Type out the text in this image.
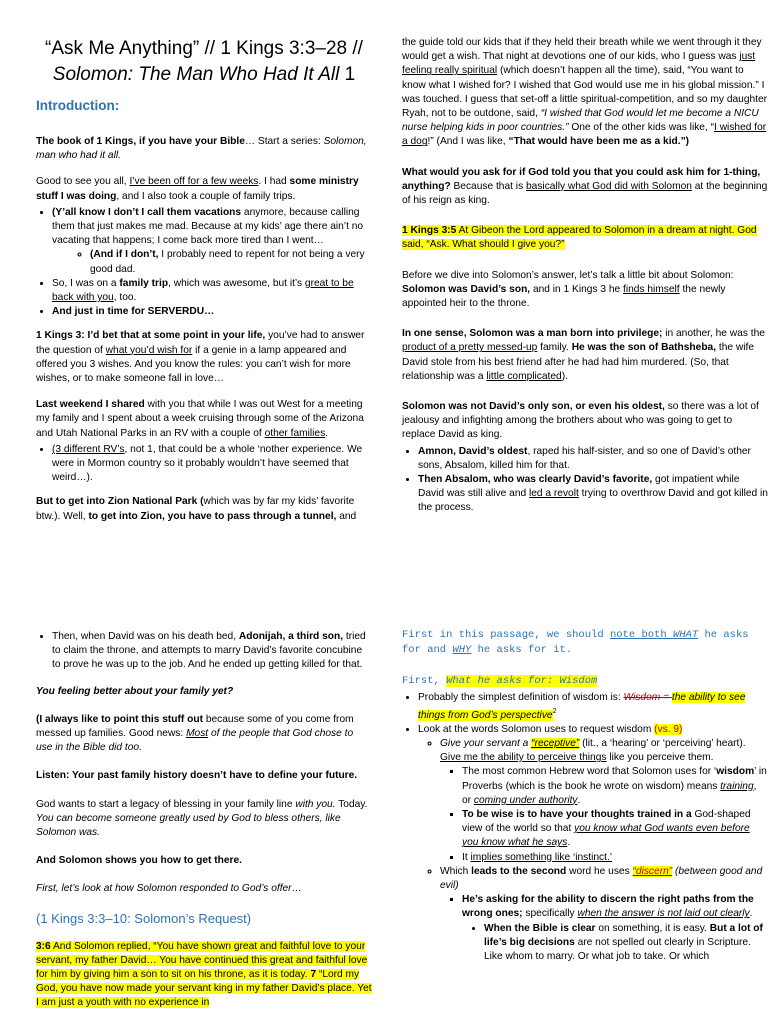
“Ask Me Anything” // 1 Kings 3:3–28 //
Solomon: The Man Who Had It All 1
Introduction:

The book of 1 Kings, if you have your Bible… Start a series: Solomon, man who had it all.

Good to see you all, I’ve been off for a few weeks. I had some ministry stuff I was doing, and I also took a couple of family trips.

• (Y’all know I don’t I call them vacations anymore, because calling them that just makes me mad. Because at my kids’ age there ain’t no vacating that happens; I come back more tired than I went…
◦ (And if I don’t, I probably need to repent for not being a very good dad.
• So, I was on a family trip, which was awesome, but it’s great to be back with you, too.
• And just in time for SERVERDU…

1 Kings 3: I’d bet that at some point in your life, you’ve had to answer the question of what you’d wish for if a genie in a lamp appeared and offered you 3 wishes. And you know the rules: you can’t wish for more wishes, or to make someone fall in love…

Last weekend I shared with you that while I was out West for a meeting my family and I spent about a week cruising through some of the Arizona and Utah National Parks in an RV with a couple of other families.

• (3 different RV’s, not 1, that could be a whole ‘nother experience. We were in Mormon country so it probably wouldn’t have seemed that weird…).

But to get into Zion National Park (which was by far my kids’ favorite btw.). Well, to get into Zion, you have to pass through a tunnel, and

the guide told our kids that if they held their breath while we went through it they would get a wish. That night at devotions one of our kids, who I guess was just feeling really spiritual (which doesn’t happen all the time), said, “You want to know what I wished for? I wished that God would use me in his global mission.” I was touched. I guess that set-off a little spiritual-competition, and so my daughter Ryah, not to be outdone, said, “I wished that God would let me become a NICU nurse helping kids in poor countries.” One of the other kids was like, “I wished for a dog!” (And I was like, “That would have been me as a kid.”)

What would you ask for if God told you that you could ask him for 1-thing, anything? Because that is basically what God did with Solomon at the beginning of his reign as king.

1 Kings 3:5 At Gibeon the Lord appeared to Solomon in a dream at night. God said, “Ask. What should I give you?”

Before we dive into Solomon’s answer, let’s talk a little bit about Solomon: Solomon was David’s son, and in 1 Kings 3 he finds himself the newly appointed heir to the throne.

In one sense, Solomon was a man born into privilege; in another, he was the product of a pretty messed-up family. He was the son of Bathsheba, the wife David stole from his best friend after he had had him murdered. (So, that relationship was a little complicated).

Solomon was not David’s only son, or even his oldest, so there was a lot of jealousy and infighting among the brothers about who was going to get to replace David as king.

• Amnon, David’s oldest, raped his half-sister, and so one of David’s other sons, Absalom, killed him for that.
• Then Absalom, who was clearly David’s favorite, got impatient while David was still alive and led a revolt trying to overthrow David and got killed in the process.
• Then, when David was on his death bed, Adonijah, a third son, tried to claim the throne, and attempts to marry David’s favorite concubine to prove he was up to the job. And he ended up getting killed for that.

You feeling better about your family yet?

(I always like to point this stuff out because some of you come from messed up families. Good news: Most of the people that God chose to use in the Bible did too.

Listen: Your past family history doesn’t have to define your future.

God wants to start a legacy of blessing in your family line with you. Today. You can become someone greatly used by God to bless others, like Solomon was.

And Solomon shows you how to get there.

First, let’s look at how Solomon responded to God’s offer…

(1 Kings 3:3–10: Solomon’s Request)

3:6 And Solomon replied, “You have shown great and faithful love to your servant, my father David… You have continued this great and faithful love for him by giving him a son to sit on his throne, as it is today. 7 “Lord my God, you have now made your servant king in my father David’s place. Yet I am just a youth with no experience in

First in this passage, we should note both WHAT he asks for and WHY he asks for it.

First, What he asks for: Wisdom

• Probably the simplest definition of wisdom is: Wisdom = the ability to see things from God’s perspective$^2$
• Look at the words Solomon uses to request wisdom (vs. 9)
◦ Give your servant a “receptive” (lit., a ‘hearing’ or ‘perceiving’ heart). Give me the ability to perceive things like you perceive them.
▪ The most common Hebrew word that Solomon uses for ‘wisdom’ in Proverbs (which is the book he wrote on wisdom) means training, or coming under authority.
▪ To be wise is to have your thoughts trained in a God-shaped view of the world so that you know what God wants even before you know what he says.
▪ It implies something like ‘instinct.’
◦ Which leads to the second word he uses “discern” (between good and evil)
▪ He’s asking for the ability to discern the right paths from the wrong ones; specifically when the answer is not laid out clearly.
• When the Bible is clear on something, it is easy. But a lot of life’s big decisions are not spelled out clearly in Scripture. Like whom to marry. Or what job to take. Or which
